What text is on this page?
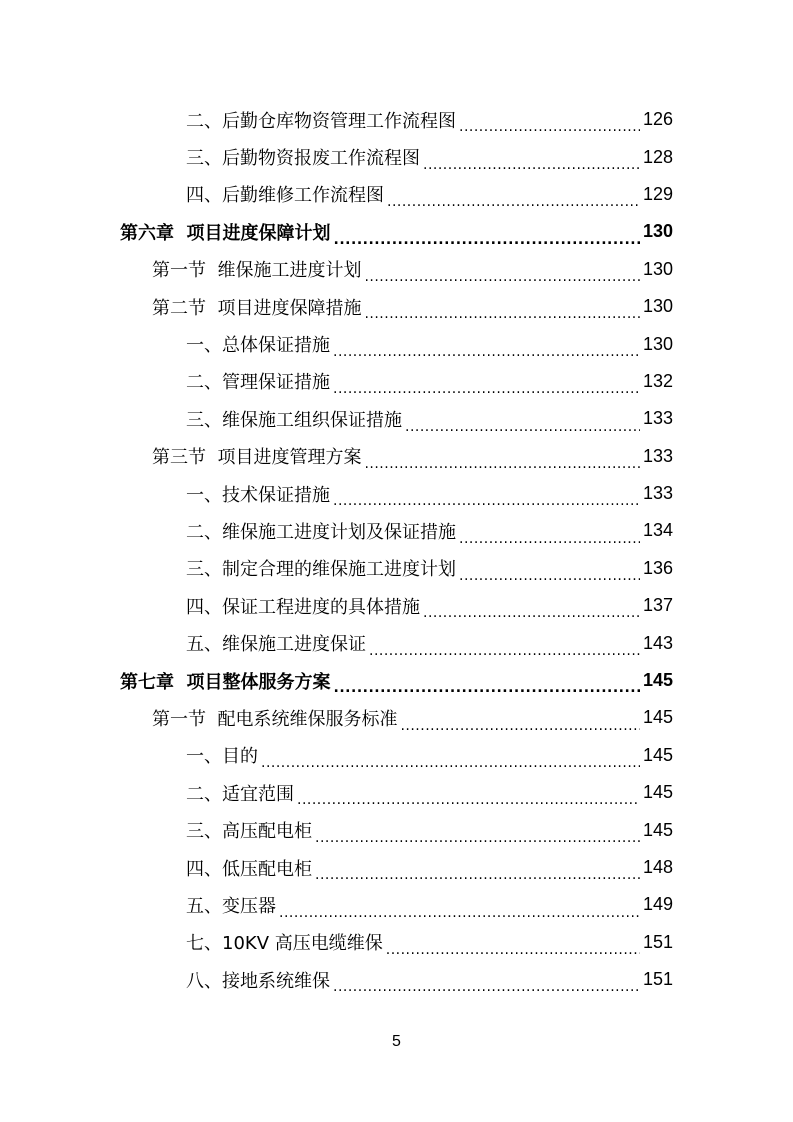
二、后勤仓库物资管理工作流程图 .....	126
三、后勤物资报废工作流程图 .....	128
四、后勤维修工作流程图 .....	129
第六章  项目进度保障计划 .....	130
第一节  维保施工进度计划 .....	130
第二节  项目进度保障措施 .....	130
一、总体保证措施 .....	130
二、管理保证措施 .....	132
三、维保施工组织保证措施 .....	133
第三节  项目进度管理方案 .....	133
一、技术保证措施 .....	133
二、维保施工进度计划及保证措施 .....	134
三、制定合理的维保施工进度计划 .....	136
四、保证工程进度的具体措施 .....	137
五、维保施工进度保证 .....	143
第七章  项目整体服务方案 .....	145
第一节  配电系统维保服务标准 .....	145
一、目的 .....	145
二、适宜范围 .....	145
三、高压配电柜 .....	145
四、低压配电柜 .....	148
五、变压器 .....	149
七、10KV 高压电缆维保 .....	151
八、接地系统维保 .....	151
5
